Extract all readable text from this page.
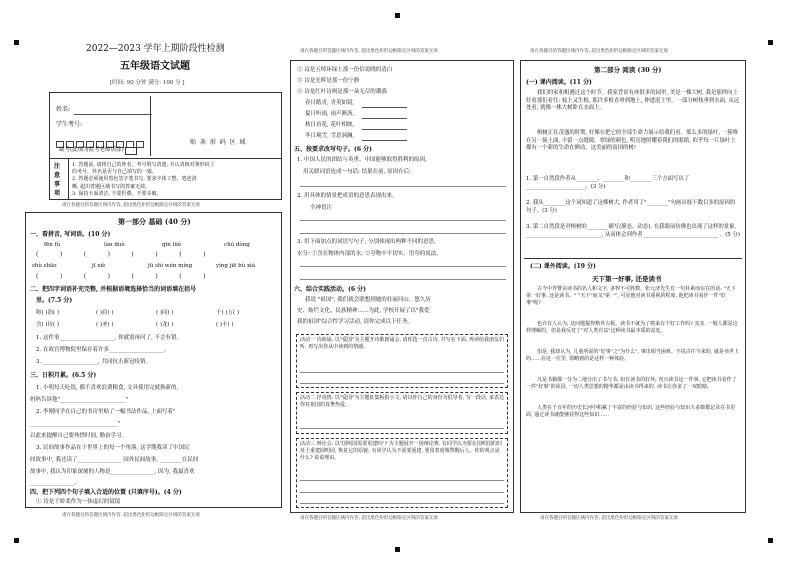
2022—2023 学年上期阶段性检测
五年级语文试题
[时间: 90 分钟 满分: 100 分 ]
姓名:
学生考号:
缺考(此项为监考老师填涂)
贴 条 形 码 区 域
注 意 事 项
1. 答题前, 请将自己的姓名、考号填写清楚, 并认真核对条形码上
的考号、姓名是否与自己填写的一致。
2. 答题必须使用黑色签字笔书写, 要求字体工整、笔迹清
晰, 超出答题区域书写的答案无效。
3. 保持卡面清洁, 不要折叠、不要弄破。
请在各题目的答题区域内作答, 超出黑色矩形边框限定区域的答案无效
第一部分 基础 (40 分)
一、看拼音, 写词语。(10 分)
fēn fù	làn duò	qīn lüè	chú dòng
(     )     (     )     (     )     (     )
shù shāo	jī xiè	jū shì wén míng	yíng jiē bù xiá
(     )     (     )     (     )     (     )
二、把四字词语补充完整, 并根据语境选择恰当的词语填在括号
里。(7.5 分)
呕( )沥( )	( )肩( )	( )同( )	千( )万( )
含( )待( )	( )圣( )	( )龙( )	( )丰( )
1. 这件事____________________, 你就别再问了, 不会有错。
2. 在故宫博物院里保存着许多____________________。
3. ____________________, 共同抗击新冠疫情。
三、日积月累。(6.5 分)
1. 小明每天吃饭, 都不喜欢浪费粮食, 文具使用完就换新的,
妈妈告诉他"________________________"
2. 李刚同学在自己的书房里贴了一幅书法作品, 上面写着"
________________________________"
以此来提醒自己要珍惜时间, 勤奋学习。
3. 民间故事作品在于世界上的每一个角落, 这学期我读了中国民
间故事中, 我还读了________________ 国外民间故事, ________在民间
故事中, 我认为印象深刻的人物是________________, 因为, 我最喜欢
________________。
四、把下列四个句子填入合适的位置 (只填序号)。(4 分)
① 诗是千娇柔作为一抹虚幻的镜镜
请在各题目的答题区域内作答, 超出黑色矩形边框限定区域的答案无效
请在各题目的答题区域内作答, 超出黑色矩形边框限定区域的答案无效
② 诗是五绰环绿上那一份信说晓的清白
③ 诗是光晖是那一份宁静
④ 诗是红叶诗则是那一朵无尽的潮淌
春日踏青, 青英如镜,
夏日听雨, 雨声淅沥,
秋日看花, 花叶相映,
冬日观雪, 雪意洞澜,
五、按要求改写句子。(6 分)
1. 中国人民的团结与英勇。中国能够取得胜利的原因。
用关联词语连成一句话: 结果在前, 原因在后:
2. 用具体的情景把成语的意思表现出来。
全神贯注
3. 用下面加点的词语写句子, 分别体现出两种不同的意思。
水分: ①含在物体内部的水; ②夸物中不切实、语夸的说法。
六、综合实践活动。(6 分)
我说 "祖国", 我们就会联想到她的壮丽河山、悠久历
史、灿烂文化、民族精神……为此, 学校开展了以"我爱
我的祖国"综合性学习活动, 请你完成以下任务。
活动一 诗朗诵: 以"爱国"为主题开诗歌朗诵会, 请你选一首古诗, 并写在下面, 再读给我朋友们听, 再写出你从中读到的情感。
活动二 抒真情: 以"爱国"为主题征集板报小文, 请以你自己的身份为倡导者, 写一段话, 来表达你对祖国的真挚热爱。
活动三 辩论会: 以"国明国需要更建吗"? 为主题展开一场辩论赛, 有同学认为要在国明国的旧址上重建圆明园, 恢复它的原貌; 有同学认为不需要重建, 要留着废墟警醒后人。你的观点是什么? 说说理由。
请在各题目的答题区域内作答, 超出黑色矩形边框限定区域的答案无效
请在各题目的答题区域内作答, 超出黑色矩形边框限定区域的答案无效
第二部分 阅读 (30 分)
(一) 课内阅读。(11 分)
我们的家和相遇过这个时节。我家背景有座很多的园里, 美是一棵大树, 我是那样向上好看那们看往: 枝上又生根, 那许多根直垂到地上, 伸进泥土里。一部分树枝垂到水面, 从远处看, 就像一株大树卧在水面上。
榕树正在茂盛的时期, 好像在把它的全部生命力展示给我们看。那么多的绿叶, 一簇堆在另一簇上面, 不留一点缝隙。翠绿的颜色, 明亮地照耀着我们的眼睛, 似乎每一片绿叶上都有一个新的生命在颤动。这美丽的南国的树!
1. 第一自然段作者从________、________和________三个方面写出了______________________。(3 分)
2. 我从________这个词知道了这棵树大, 作者用了"________"句画出枝干数目多的原因的句子。(3 分)
3. 第二自然段是对榕树的________描写(静态、动态), 在我眼前仿佛也出现了这样的景象, ____________________________, 从而体会到作者____________________________ 。(5 分)
(二) 课外阅读。(19 分)
天下第一好事, 还是读书
古今中外赞美读书的名人和文字, 多得不可胜数。张元济先生有一句朴素而实在的话: "天下第一好事, 还是读书。" "天下"而又"第一", 可见他对读书重视的程度, 他把读书看作一件"好事"呢?
也许有人认为, 这问题提得格外古板。读书不就为了将来有个好工作吗? 其实, 一般人都是这样理解的。但是我反对了"对人类有益"这种读书最本质的益处。
但是, 我却认为, 儿童所说的"好事"之"为什么", 事出相当困难。不说古往今来的, 就是举世上的……在这一位里, 领略到的是这样一种体验。
凡是书籍都一分为二地分出了书与书, 如有读书的好坏; 况且读书这一件事, 它把读书看作了一件"好事"的原因, 一切人类思想的精华都是由读书得来的, 读书让你多了一双眼睛。
人类在千百年的历史长河中积累了丰富的经验与知识, 这些经验与知识大多数都记录在书里面, 通过读书就能够获得这些知识……
请在各题目的答题区域内作答, 超出黑色矩形边框限定区域的答案无效
